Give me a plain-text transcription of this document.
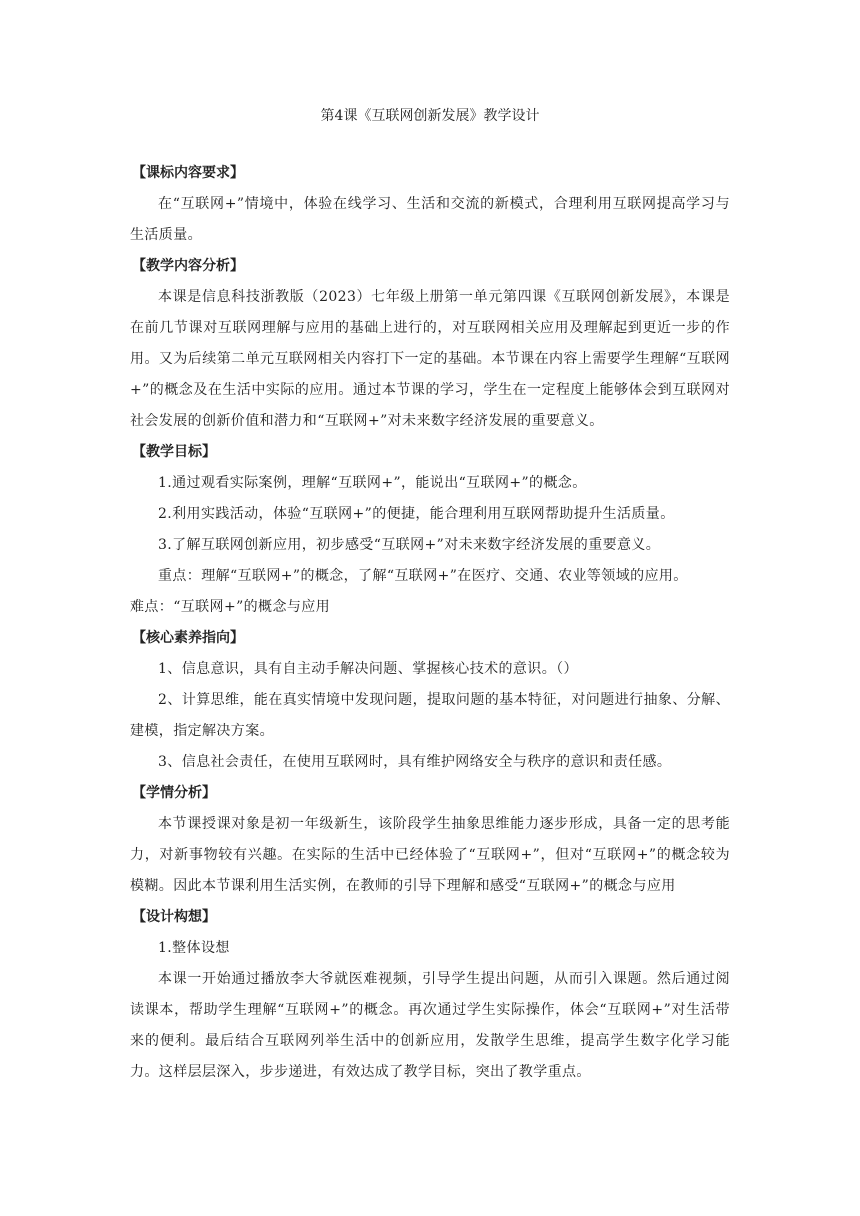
第4课《互联网创新发展》教学设计
【课标内容要求】

在“互联网+”情境中，体验在线学习、生活和交流的新模式，合理利用互联网提高学习与生活质量。

【教学内容分析】

本课是信息科技浙教版（2023）七年级上册第一单元第四课《互联网创新发展》，本课是在前几节课对互联网理解与应用的基础上进行的，对互联网相关应用及理解起到更近一步的作用。又为后续第二单元互联网相关内容打下一定的基础。本节课在内容上需要学生理解“互联网+”的概念及在生活中实际的应用。通过本节课的学习，学生在一定程度上能够体会到互联网对社会发展的创新价值和潜力和“互联网+”对未来数字经济发展的重要意义。

【教学目标】

1.通过观看实际案例，理解“互联网+”，能说出“互联网+”的概念。

2.利用实践活动，体验“互联网+”的便捷，能合理利用互联网帮助提升生活质量。

3.了解互联网创新应用，初步感受“互联网+”对未来数字经济发展的重要意义。

重点：理解“互联网+”的概念，了解“互联网+”在医疗、交通、农业等领域的应用。

难点：“互联网+”的概念与应用

【核心素养指向】

1、信息意识，具有自主动手解决问题、掌握核心技术的意识。（）

2、计算思维，能在真实情境中发现问题，提取问题的基本特征，对问题进行抽象、分解、建模，指定解决方案。

3、信息社会责任，在使用互联网时，具有维护网络安全与秩序的意识和责任感。

【学情分析】

本节课授课对象是初一年级新生，该阶段学生抽象思维能力逐步形成，具备一定的思考能力，对新事物较有兴趣。在实际的生活中已经体验了“互联网+”，但对“互联网+”的概念较为模糊。因此本节课利用生活实例，在教师的引导下理解和感受“互联网+”的概念与应用

【设计构想】

1.整体设想

本课一开始通过播放李大爷就医难视频，引导学生提出问题，从而引入课题。然后通过阅读课本，帮助学生理解“互联网+”的概念。再次通过学生实际操作，体会“互联网+”对生活带来的便利。最后结合互联网列举生活中的创新应用，发散学生思维，提高学生数字化学习能力。这样层层深入，步步递进，有效达成了教学目标，突出了教学重点。
